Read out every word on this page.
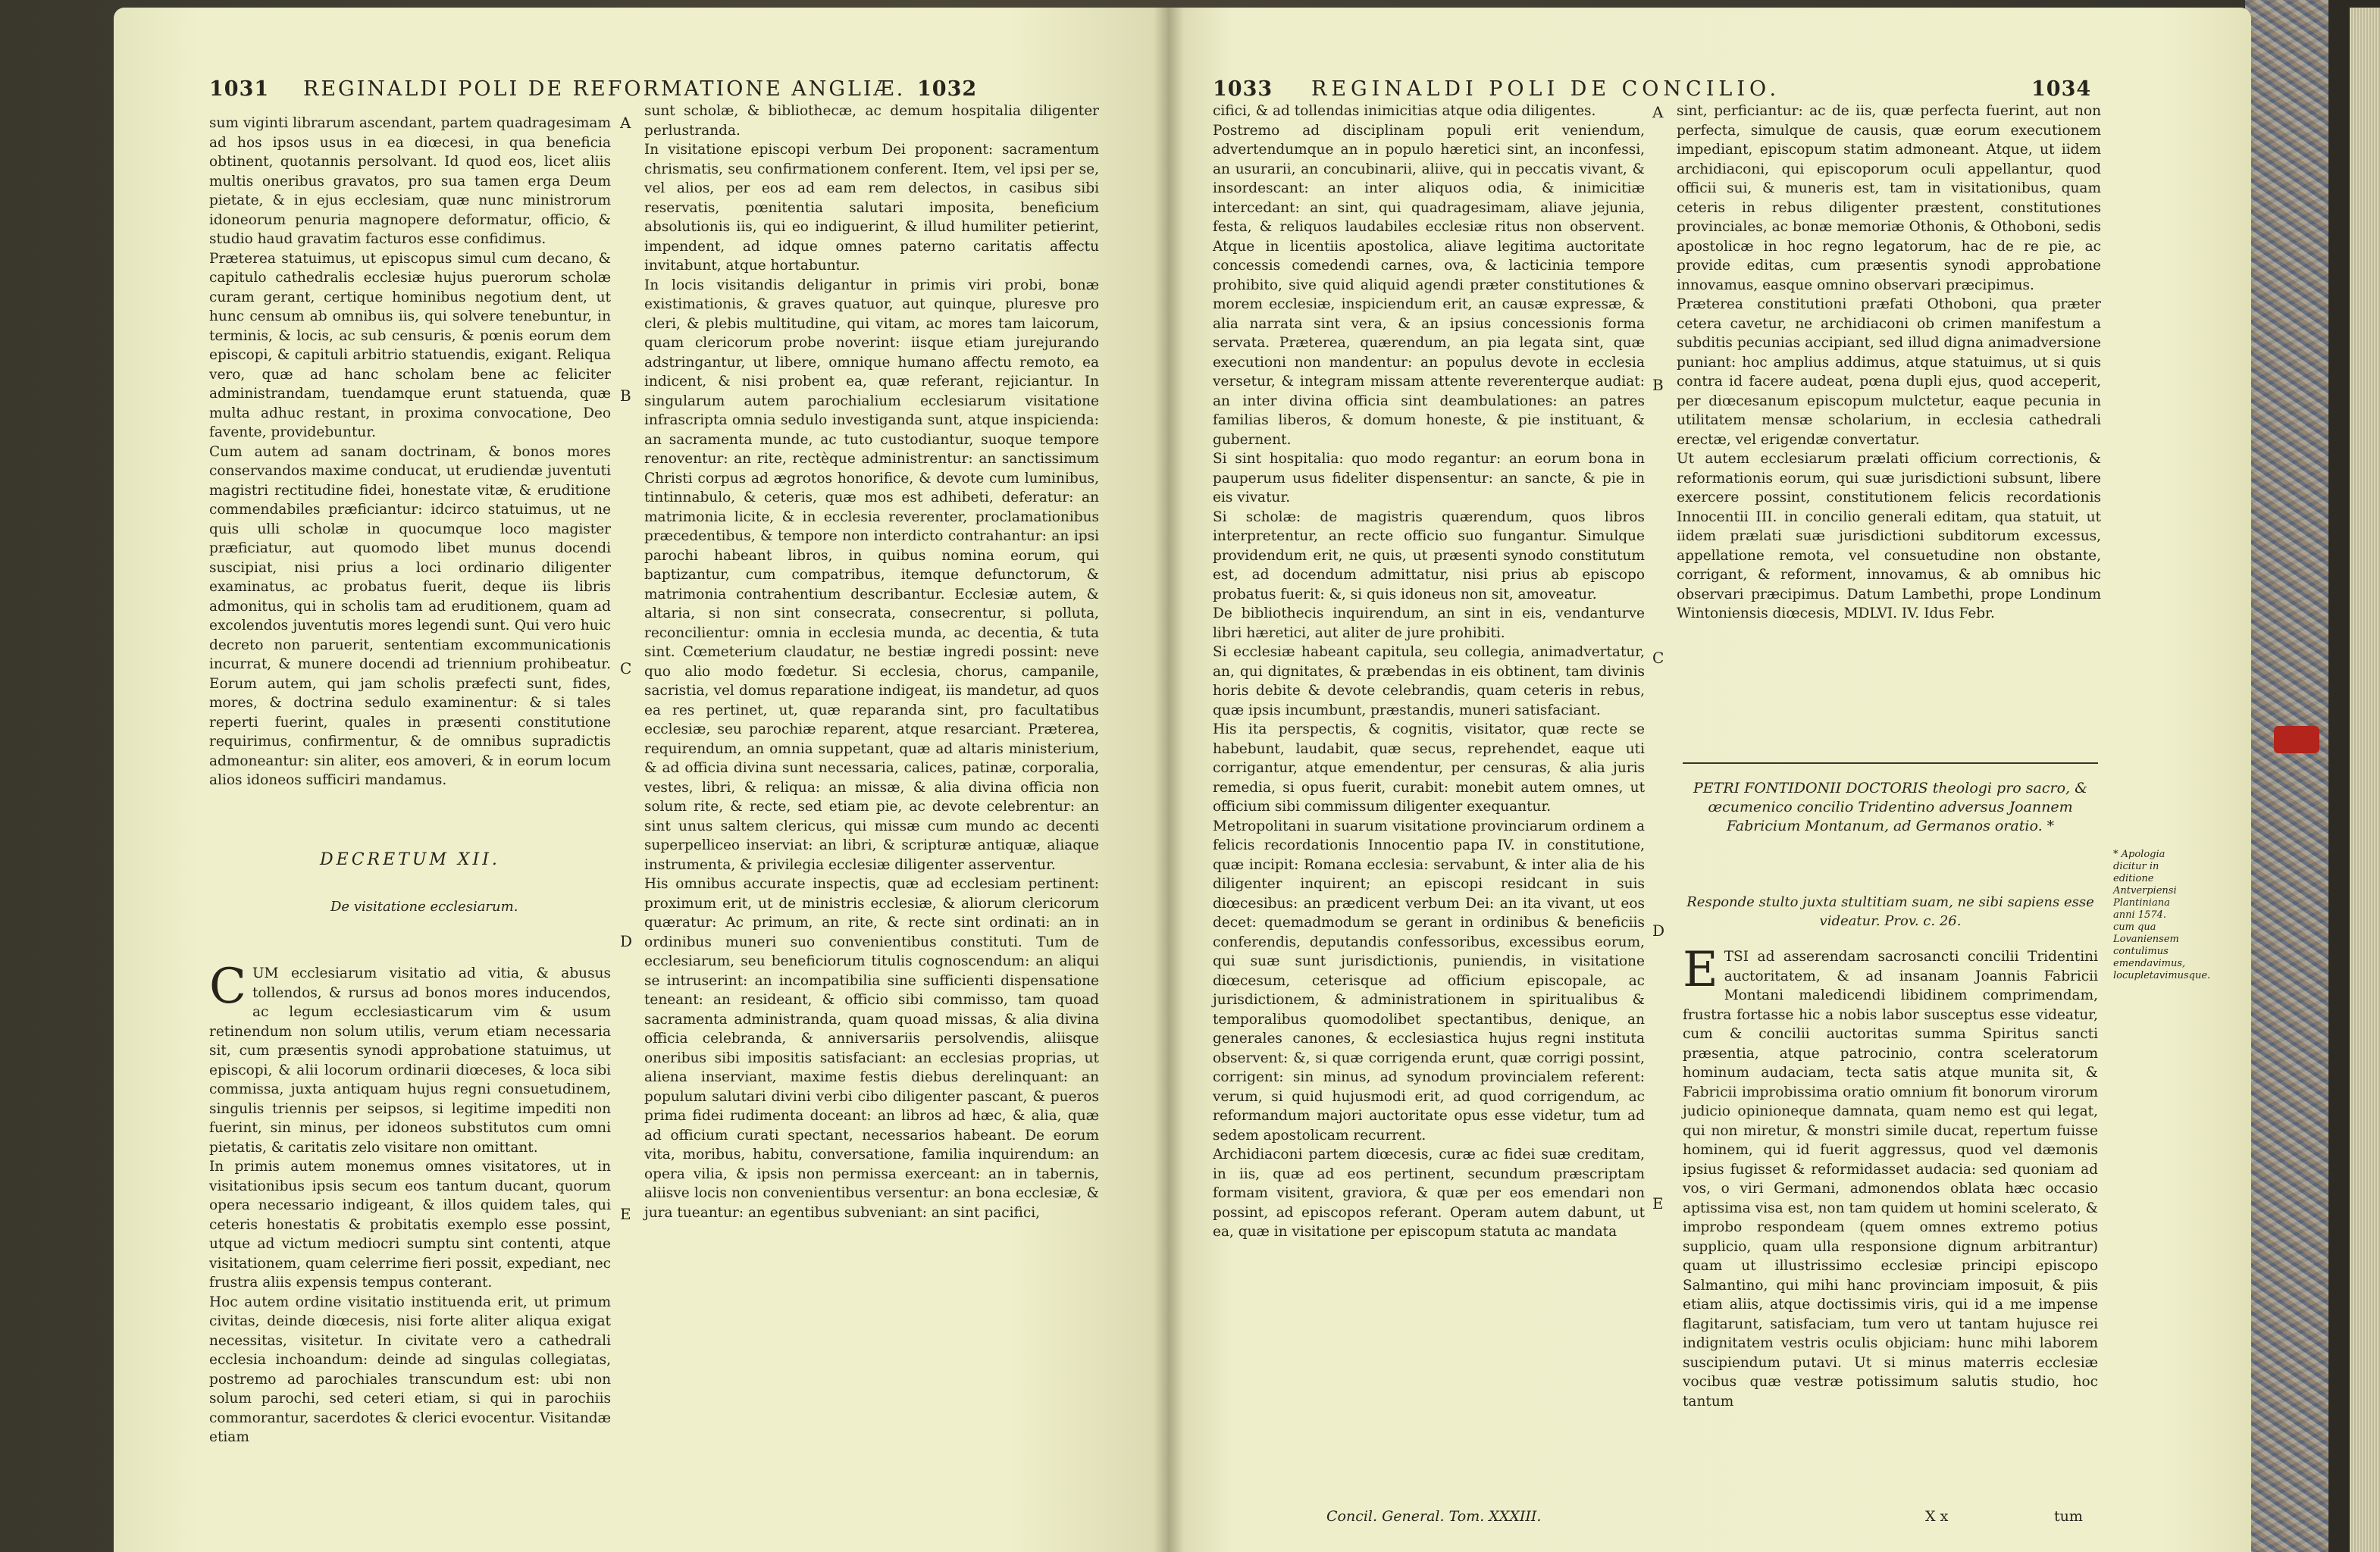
1031 REGINALDI POLI DE REFORMATIONE ANGLIÆ. 1032
sum viginti librarum ascendant, partem quadragesimam ad hos ipsos usus in ea diœcesi, in qua beneficia obtinent, quotannis persolvant. Id quod eos, licet aliis multis oneribus gravatos, pro sua tamen erga Deum pietate, & in ejus ecclesiam, quæ nunc ministrorum idoneorum penuria magnopere deformatur, officio, & studio haud gravatim facturos esse confidimus.
Præterea statuimus, ut episcopus simul cum decano, & capitulo cathedralis ecclesiæ hujus puerorum scholæ curam gerant, certique hominibus negotium dent, ut hunc censum ab omnibus iis, qui solvere tenebuntur, in terminis, & locis, ac sub censuris, & pœnis eorum dem episcopi, & capituli arbitrio statuendis, exigant. Reliqua vero, quæ ad hanc scholam bene ac feliciter administrandam, tuendamque erunt statuenda, quæ multa adhuc restant, in proxima convocatione, Deo favente, providebuntur.
Cum autem ad sanam doctrinam, & bonos mores conservandos maxime conducat, ut erudiendæ juventuti magistri rectitudine fidei, honestate vitæ, & eruditione commendabiles præficiantur: idcirco statuimus, ut ne quis ulli scholæ in quocumque loco magister præficiatur, aut quomodo libet munus docendi suscipiat, nisi prius a loci ordinario diligenter examinatus, ac probatus fuerit, deque iis libris admonitus, qui in scholis tam ad eruditionem, quam ad excolendos juventutis mores legendi sunt. Qui vero huic decreto non paruerit, sententiam excommunicationis incurrat, & munere docendi ad triennium prohibeatur. Eorum autem, qui jam scholis præfecti sunt, fides, mores, & doctrina sedulo examinentur: & si tales reperti fuerint, quales in præsenti constitutione requirimus, confirmentur, & de omnibus supradictis admoneantur: sin aliter, eos amoveri, & in eorum locum alios idoneos sufficiri mandamus.
DECRETUM XII.
De visitatione ecclesiarum.
C UM ecclesiarum visitatio ad vitia, & abusus tollendos, & rursus ad bonos mores inducendos, ac legum ecclesiasticarum vim & usum retinendum non solum utilis, verum etiam necessaria sit, cum præsentis synodi approbatione statuimus, ut episcopi, & alii locorum ordinarii diœceses, & loca sibi commissa, juxta antiquam hujus regni consuetudinem, singulis triennis per seipsos, si legitime impediti non fuerint, sin minus, per idoneos substitutos cum omni pietatis, & caritatis zelo visitare non omittant.
In primis autem monemus omnes visitatores, ut in visitationibus ipsis secum eos tantum ducant, quorum opera necessario indigeant, & illos quidem tales, qui ceteris honestatis & probitatis exemplo esse possint, utque ad victum mediocri sumptu sint contenti, atque visitationem, quam celerrime fieri possit, expediant, nec frustra aliis expensis tempus conterant.
Hoc autem ordine visitatio instituenda erit, ut primum civitas, deinde diœcesis, nisi forte aliter aliqua exigat necessitas, visitetur. In civitate vero a cathedrali ecclesia inchoandum: deinde ad singulas collegiatas, postremo ad parochiales transcundum est: ubi non solum parochi, sed ceteri etiam, si qui in parochiis commorantur, sacerdotes & clerici evocentur. Visitandæ etiam
A
B
C
D
E
sunt scholæ, & bibliothecæ, ac demum hospitalia diligenter perlustranda.
In visitatione episcopi verbum Dei proponent: sacramentum chrismatis, seu confirmationem conferent. Item, vel ipsi per se, vel alios, per eos ad eam rem delectos, in casibus sibi reservatis, pœnitentia salutari imposita, beneficium absolutionis iis, qui eo indiguerint, & illud humiliter petierint, impendent, ad idque omnes paterno caritatis affectu invitabunt, atque hortabuntur.
In locis visitandis deligantur in primis viri probi, bonæ existimationis, & graves quatuor, aut quinque, pluresve pro cleri, & plebis multitudine, qui vitam, ac mores tam laicorum, quam clericorum probe noverint: iisque etiam jurejurando adstringantur, ut libere, omnique humano affectu remoto, ea indicent, & nisi probent ea, quæ referant, rejiciantur. In singularum autem parochialium ecclesiarum visitatione infrascripta omnia sedulo investiganda sunt, atque inspicienda: an sacramenta munde, ac tuto custodiantur, suoque tempore renoventur: an rite, rectèque administrentur: an sanctissimum Christi corpus ad ægrotos honorifice, & devote cum luminibus, tintinnabulo, & ceteris, quæ mos est adhibeti, deferatur: an matrimonia licite, & in ecclesia reverenter, proclamationibus præcedentibus, & tempore non interdicto contrahantur: an ipsi parochi habeant libros, in quibus nomina eorum, qui baptizantur, cum compatribus, itemque defunctorum, & matrimonia contrahentium describantur. Ecclesiæ autem, & altaria, si non sint consecrata, consecrentur, si polluta, reconcilientur: omnia in ecclesia munda, ac decentia, & tuta sint. Cœmeterium claudatur, ne bestiæ ingredi possint: neve quo alio modo fœdetur. Si ecclesia, chorus, campanile, sacristia, vel domus reparatione indigeat, iis mandetur, ad quos ea res pertinet, ut, quæ reparanda sint, pro facultatibus ecclesiæ, seu parochiæ reparent, atque resarciant. Præterea, requirendum, an omnia suppetant, quæ ad altaris ministerium, & ad officia divina sunt necessaria, calices, patinæ, corporalia, vestes, libri, & reliqua: an missæ, & alia divina officia non solum rite, & recte, sed etiam pie, ac devote celebrentur: an sint unus saltem clericus, qui missæ cum mundo ac decenti superpelliceo inserviat: an libri, & scripturæ antiquæ, aliaque instrumenta, & privilegia ecclesiæ diligenter asserventur.
His omnibus accurate inspectis, quæ ad ecclesiam pertinent: proximum erit, ut de ministris ecclesiæ, & aliorum clericorum quæratur: Ac primum, an rite, & recte sint ordinati: an in ordinibus muneri suo convenientibus constituti. Tum de ecclesiarum, seu beneficiorum titulis cognoscendum: an aliqui se intruserint: an incompatibilia sine sufficienti dispensatione teneant: an resideant, & officio sibi commisso, tam quoad sacramenta administranda, quam quoad missas, & alia divina officia celebranda, & anniversariis persolvendis, aliisque oneribus sibi impositis satisfaciant: an ecclesias proprias, ut aliena inserviant, maxime festis diebus derelinquant: an populum salutari divini verbi cibo diligenter pascant, & pueros prima fidei rudimenta doceant: an libros ad hæc, & alia, quæ ad officium curati spectant, necessarios habeant. De eorum vita, moribus, habitu, conversatione, familia inquirendum: an opera vilia, & ipsis non permissa exerceant: an in tabernis, aliisve locis non convenientibus versentur: an bona ecclesiæ, & jura tueantur: an egentibus subveniant: an sint pacifici,
1033 REGINALDI POLI DE CONCILIO.	1034
cifici, & ad tollendas inimicitias atque odia diligentes.
Postremo ad disciplinam populi erit veniendum, advertendumque an in populo hæretici sint, an inconfessi, an usurarii, an concubinarii, aliive, qui in peccatis vivant, & insordescant: an inter aliquos odia, & inimicitiæ intercedant: an sint, qui quadragesimam, aliave jejunia, festa, & reliquos laudabiles ecclesiæ ritus non observent. Atque in licentiis apostolica, aliave legitima auctoritate concessis comedendi carnes, ova, & lacticinia tempore prohibito, sive quid aliquid agendi præter constitutiones & morem ecclesiæ, inspiciendum erit, an causæ expressæ, & alia narrata sint vera, & an ipsius concessionis forma servata. Præterea, quærendum, an pia legata sint, quæ executioni non mandentur: an populus devote in ecclesia versetur, & integram missam attente reverenterque audiat: an inter divina officia sint deambulationes: an patres familias liberos, & domum honeste, & pie instituant, & gubernent.
Si sint hospitalia: quo modo regantur: an eorum bona in pauperum usus fideliter dispensentur: an sancte, & pie in eis vivatur.
Si scholæ: de magistris quærendum, quos libros interpretentur, an recte officio suo fungantur. Simulque providendum erit, ne quis, ut præsenti synodo constitutum est, ad docendum admittatur, nisi prius ab episcopo probatus fuerit: &, si quis idoneus non sit, amoveatur.
De bibliothecis inquirendum, an sint in eis, vendanturve libri hæretici, aut aliter de jure prohibiti.
Si ecclesiæ habeant capitula, seu collegia, animadvertatur, an, qui dignitates, & præbendas in eis obtinent, tam divinis horis debite & devote celebrandis, quam ceteris in rebus, quæ ipsis incumbunt, præstandis, muneri satisfaciant.
His ita perspectis, & cognitis, visitator, quæ recte se habebunt, laudabit, quæ secus, reprehendet, eaque uti corrigantur, atque emendentur, per censuras, & alia juris remedia, si opus fuerit, curabit: monebit autem omnes, ut officium sibi commissum diligenter exequantur.
Metropolitani in suarum visitatione provinciarum ordinem a felicis recordationis Innocentio papa IV. in constitutione, quæ incipit: Romana ecclesia: servabunt, & inter alia de his diligenter inquirent; an episcopi residcant in suis diœcesibus: an prædicent verbum Dei: an ita vivant, ut eos decet: quemadmodum se gerant in ordinibus & beneficiis conferendis, deputandis confessoribus, excessibus eorum, qui suæ sunt jurisdictionis, puniendis, in visitatione diœcesum, ceterisque ad officium episcopale, ac jurisdictionem, & administrationem in spiritualibus & temporalibus quomodolibet spectantibus, denique, an generales canones, & ecclesiastica hujus regni instituta observent: &, si quæ corrigenda erunt, quæ corrigi possint, corrigent: sin minus, ad synodum provincialem referent: verum, si quid hujusmodi erit, ad quod corrigendum, ac reformandum majori auctoritate opus esse videtur, tum ad sedem apostolicam recurrent.
Archidiaconi partem diœcesis, curæ ac fidei suæ creditam, in iis, quæ ad eos pertinent, secundum præscriptam formam visitent, graviora, & quæ per eos emendari non possint, ad episcopos referant. Operam autem dabunt, ut ea, quæ in visitatione per episcopum statuta ac mandata
A
B
C
D
E
sint, perficiantur: ac de iis, quæ perfecta fuerint, aut non perfecta, simulque de causis, quæ eorum executionem impediant, episcopum statim admoneant. Atque, ut iidem archidiaconi, qui episcoporum oculi appellantur, quod officii sui, & muneris est, tam in visitationibus, quam ceteris in rebus diligenter præstent, constitutiones provinciales, ac bonæ memoriæ Othonis, & Othoboni, sedis apostolicæ in hoc regno legatorum, hac de re pie, ac provide editas, cum præsentis synodi approbatione innovamus, easque omnino observari præcipimus.
Præterea constitutioni præfati Othoboni, qua præter cetera cavetur, ne archidiaconi ob crimen manifestum a subditis pecunias accipiant, sed illud digna animadversione puniant: hoc amplius addimus, atque statuimus, ut si quis contra id facere audeat, pœna dupli ejus, quod acceperit, per diœcesanum episcopum mulctetur, eaque pecunia in utilitatem mensæ scholarium, in ecclesia cathedrali erectæ, vel erigendæ convertatur.
Ut autem ecclesiarum prælati officium correctionis, & reformationis eorum, qui suæ jurisdictioni subsunt, libere exercere possint, constitutionem felicis recordationis Innocentii III. in concilio generali editam, qua statuit, ut iidem prælati suæ jurisdictioni subditorum excessus, appellatione remota, vel consuetudine non obstante, corrigant, & reforment, innovamus, & ab omnibus hic observari præcipimus. Datum Lambethi, prope Londinum Wintoniensis diœcesis, MDLVI. IV. Idus Febr.
PETRI FONTIDONII DOCTORIS theologi pro sacro, & œcumenico concilio Tridentino adversus Joannem Fabricium Montanum, ad Germanos oratio. *
Responde stulto juxta stultitiam suam, ne sibi sapiens esse videatur. Prov. c. 26.
E TSI ad asserendam sacrosancti concilii Tridentini auctoritatem, & ad insanam Joannis Fabricii Montani maledicendi libidinem comprimendam, frustra fortasse hic a nobis labor susceptus esse videatur, cum & concilii auctoritas summa Spiritus sancti præsentia, atque patrocinio, contra sceleratorum hominum audaciam, tecta satis atque munita sit, & Fabricii improbissima oratio omnium fit bonorum virorum judicio opinioneque damnata, quam nemo est qui legat, qui non miretur, & monstri simile ducat, repertum fuisse hominem, qui id fuerit aggressus, quod vel dæmonis ipsius fugisset & reformidasset audacia: sed quoniam ad vos, o viri Germani, admonendos oblata hæc occasio aptissima visa est, non tam quidem ut homini scelerato, & improbo respondeam (quem omnes extremo potius supplicio, quam ulla responsione dignum arbitrantur) quam ut illustrissimo ecclesiæ principi episcopo Salmantino, qui mihi hanc provinciam imposuit, & piis etiam aliis, atque doctissimis viris, qui id a me impense flagitarunt, satisfaciam, tum vero ut tantam hujusce rei indignitatem vestris oculis objiciam: hunc mihi laborem suscipiendum putavi. Ut si minus materris ecclesiæ vocibus quæ vestræ potissimum salutis studio, hoc tantum
* Apologia dicitur in editione Antverpiensi Plantiniana anni 1574. cum qua Lovaniensem contulimus emendavimus, locupletavimusque.
Concil. General. Tom. XXXIII.	X x	tum
